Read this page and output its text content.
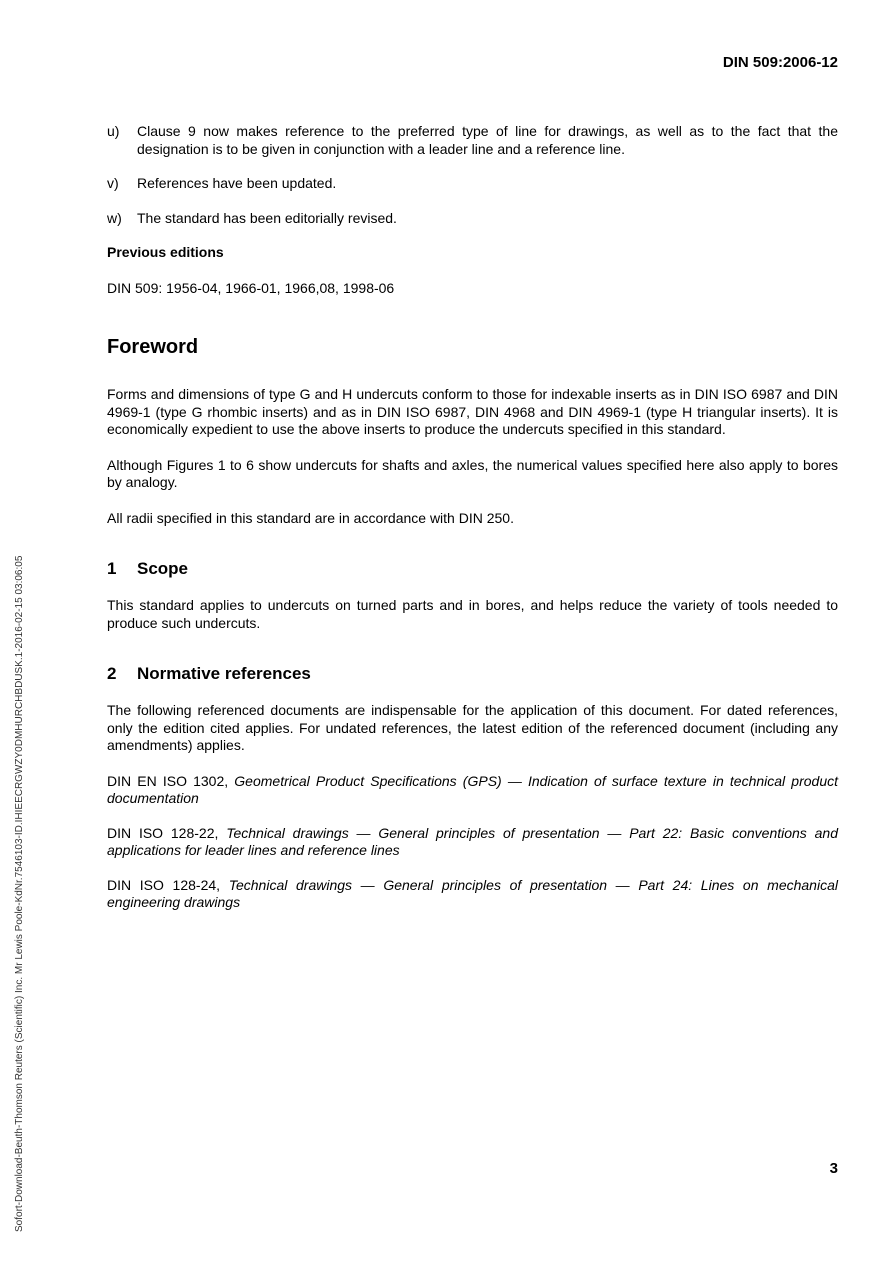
DIN 509:2006-12
u)	Clause 9 now makes reference to the preferred type of line for drawings, as well as to the fact that the designation is to be given in conjunction with a leader line and a reference line.
v)	References have been updated.
w)	The standard has been editorially revised.
Previous editions

DIN 509: 1956-04, 1966-01, 1966,08, 1998-06

Foreword

Forms and dimensions of type G and H undercuts conform to those for indexable inserts as in DIN ISO 6987 and DIN 4969-1 (type G rhombic inserts) and as in DIN ISO 6987, DIN 4968 and DIN 4969-1 (type H triangular inserts). It is economically expedient to use the above inserts to produce the undercuts specified in this standard.

Although Figures 1 to 6 show undercuts for shafts and axles, the numerical values specified here also apply to bores by analogy.

All radii specified in this standard are in accordance with DIN 250.

1	Scope

This standard applies to undercuts on turned parts and in bores, and helps reduce the variety of tools needed to produce such undercuts.

2	Normative references

The following referenced documents are indispensable for the application of this document. For dated references, only the edition cited applies. For undated references, the latest edition of the referenced document (including any amendments) applies.

DIN EN ISO 1302, Geometrical Product Specifications (GPS) — Indication of surface texture in technical product documentation
DIN ISO 128-22, Technical drawings — General principles of presentation — Part 22: Basic conventions and applications for leader lines and reference lines
DIN ISO 128-24, Technical drawings — General principles of presentation — Part 24: Lines on mechanical engineering drawings
3
Sofort-Download-Beuth-Thomson Reuters (Scientific) Inc. Mr Lewis Poole-KdNr.7546103-ID.IHIEECRGWZY0DMHURCHBDUSK.1-2016-02-15 03:06:05
